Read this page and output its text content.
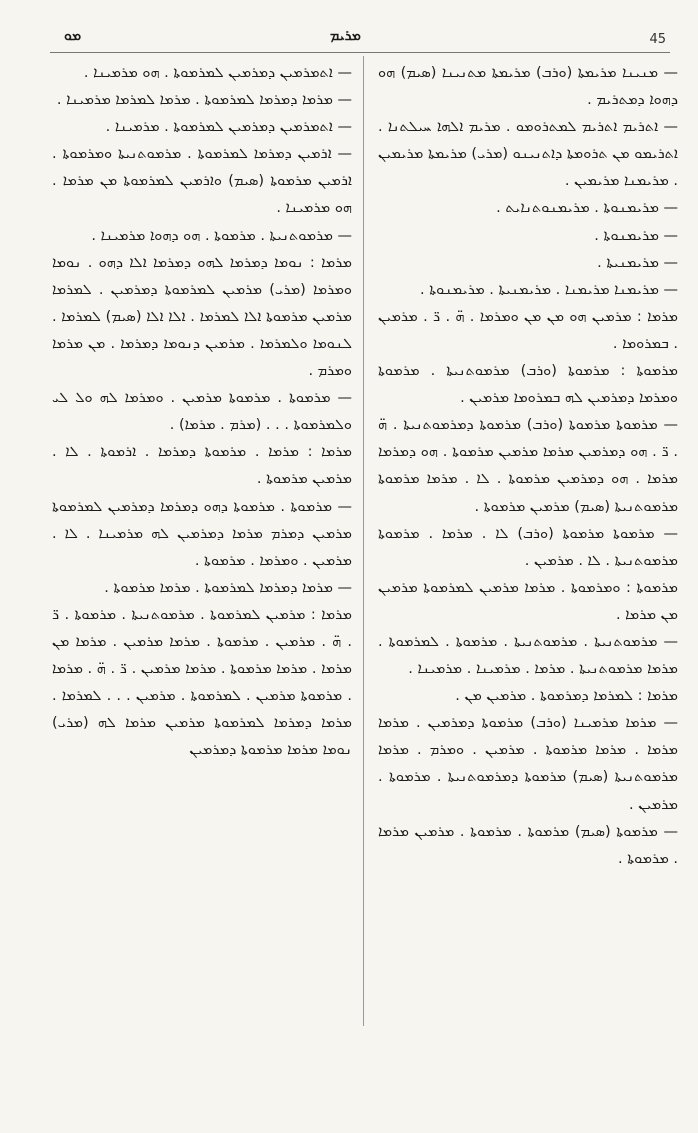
ܡܘ	ܡܪܝܡ	45

— ܡܢܝܢܐ ܡܪܝܡܬܐ (ܘܪܒ) ܡܪܝܡܬܐ ܡܬܢܝܢܐ (ܣܝܡ) ܗܘ ܕܗܘܐ ܕܡܬܪܝܡ .

— ܐܬܪܝܡ ܐܬܪܝܡ ܠܡܬܪܘܡܘ . ܡܪܝܡ ܐܠܗܐ ܚܝܠܬܢܐ . ܐܬܪܝܡܘ ܡܢ ܬܪܘܡܬܐ ܕܐܬܢܝܢܘ (ܡܪܝ) ܡܪܝܡܬܐ ܡܪܝܡܝܢ . ܡܪܝܡܢܐ ܡܪܝܡܝܢ .

— ܡܪܝܡܢܘܬܐ . ܡܪܝܡܢܘܬܢܐܝܬ .

— ܡܪܝܡܢܘܬܐ .

— ܡܪܝܡܢܝܬܐ .

— ܡܪܝܡܢܐ ܡܪܝܡܢܐ . ܡܪܝܡܢܝܬܐ . ܡܪܝܡܢܘܬܐ .

ܡܪܡܐ : ܡܪܡܝܢ ܗܘ ܡܢ ܡܢ ܘܡܪܡܐ . ܗ̈ . ܪ̈ . ܡܪܡܝܢ . ܒܡܪܘܡܐ .

ܡܪܡܘܬܐ : ܡܪܡܘܬܐ (ܘܪܒ) ܡܪܡܘܬܢܝܬܐ . ܡܪܡܘܬܐ ܘܡܪܡܐ ܕܡܪܡܝܢ ܠܗ ܒܡܪܘܡܐ ܡܪܡܝܢ .

— ܡܪܡܘܬܐ ܡܪܡܘܬܐ (ܘܪܒ) ܡܪܡܘܬܐ ܕܡܪܡܘܬܢܝܬܐ . ܗ̈ . ܪ̈ . ܗܘ ܕܡܪܡܝܢ ܡܪܡܐ ܡܪܡܝܢ ܡܪܡܘܬܐ . ܗܘ ܕܡܪܡܐ ܡܪܡܐ . ܗܘ ܕܡܪܡܝܢ ܡܪܡܘܬܐ . ܠܐ . ܡܪܡܐ ܡܪܡܘܬܐ ܡܪܡܘܬܢܝܬܐ (ܣܝܡ) ܡܪܡܝܢ ܡܪܡܘܬܐ .

— ܡܪܡܘܬܐ ܡܪܡܘܬܐ (ܘܪܒ) ܠܐ . ܡܪܡܐ . ܡܪܡܘܬܐ ܡܪܡܘܬܢܝܬܐ . ܠܐ . ܡܪܡܝܢ .

ܡܪܡܘܬܐ : ܘܡܪܡܘܬܐ . ܡܪܡܐ ܡܪܡܝܢ ܠܡܪܡܘܬܐ ܡܪܡܝܢ ܡܢ ܡܪܡܐ .

— ܡܪܡܘܬܢܝܬܐ . ܡܪܡܘܬܢܝܬܐ . ܡܪܡܘܬܐ . ܠܡܪܡܘܬܐ . ܡܪܡܐ ܡܪܡܘܬܢܝܬܐ . ܡܪܡܐ . ܡܪܡܝܢܐ . ܡܪܡܝܢܐ .

ܡܪܡܐ : ܠܡܪܡܐ ܕܡܪܡܘܬܐ . ܡܪܡܝܢ ܡܢ .

— ܡܪܡܐ ܡܪܡܝܢܐ (ܘܪܒ) ܡܪܡܘܬܐ ܕܡܪܡܝܢ . ܡܪܡܐ ܡܪܡܐ . ܡܪܡܐ ܡܪܡܘܬܐ . ܡܪܡܝܢ . ܘܡܪܡ . ܡܪܡܐ ܡܪܡܘܬܢܝܬܐ (ܣܝܡ) ܡܪܡܘܬܐ ܕܡܪܡܘܬܢܝܬܐ . ܡܪܡܘܬܐ . ܡܪܡܝܢ .

— ܡܪܡܘܬܐ (ܣܝܡ) ܡܪܡܘܬܐ . ܡܪܡܘܬܐ . ܡܪܡܝܢ ܡܪܡܐ . ܡܪܡܘܬܐ .

— ܐܬܡܪܡܝܢ ܕܡܪܡܝܢ ܠܡܪܡܘܬܐ . ܗܘ ܡܪܡܝܢܐ .

— ܡܪܡܐ ܕܡܪܡܐ ܠܡܪܡܘܬܐ . ܡܪܡܐ ܠܡܪܡܐ ܡܪܡܝܢܐ .

— ܐܬܡܪܡܝܢ ܕܡܪܡܝܢ ܠܡܪܡܘܬܐ . ܡܪܡܝܢܐ .

— ܐܪܡܝܢ ܕܡܪܡܐ ܠܡܪܡܘܬܐ . ܡܪܡܘܬܢܝܬܐ ܘܡܪܡܘܬܐ . ܐܪܡܝܢ ܡܪܡܘܬܐ (ܣܝܡ) ܘܐܪܡܝܢ ܠܡܪܡܘܬܐ ܡܢ ܡܪܡܐ . ܗܘ ܡܪܡܝܢܐ .

— ܡܪܡܘܬܢܝܬܐ . ܡܪܡܘܬܐ . ܗܘ ܕܗܘܐ ܡܪܡܝܢܐ .

ܡܪܡܐ : ܢܘܡܐ ܕܡܪܡܐ ܠܗܘ ܕܡܪܡܐ ܐܠܐ ܕܗܘ . ܢܘܡܐ ܘܡܪܡܐ (ܡܪܝ) ܡܪܡܝܢ ܠܡܪܡܘܬܐ ܕܡܪܡܝܢ . ܠܡܪܡܐ ܡܪܡܝܢ ܡܪܡܘܬܐ ܐܠܐ ܠܡܪܡܐ . ܐܠܐ ܐܠܐ (ܣܝܡ) ܠܡܪܡܐ . ܠܢܘܡܐ ܘܠܡܪܡܐ . ܡܪܡܝܢ ܕܢܘܡܐ ܕܡܪܡܐ . ܡܢ ܡܪܡܐ ܘܡܪܡ .

— ܡܪܡܘܬܐ . ܡܪܡܘܬܐ ܡܪܡܝܢ . ܘܡܪܡܐ ܠܗ ܘܠ ܠܝ ܘܠܡܪܡܘܬܐ . . . (ܡܪܡ . ܡܪܡܐ) .

ܡܪܡܐ : ܡܪܡܐ . ܡܪܡܘܬܐ ܕܡܪܡܐ . ܐܪܡܘܬܐ . ܠܐ . ܡܪܡܝܢ ܡܪܡܘܬܐ .

— ܡܪܡܘܬܐ . ܡܪܡܘܬܐ ܕܗܘ ܕܡܪܡܐ ܕܡܪܡܝܢ ܠܡܪܡܘܬܐ ܡܪܡܝܢ ܕܡܪܡ ܡܪܡܐ ܕܡܪܡܝܢ ܠܗ ܡܪܡܝܢܐ . ܠܐ . ܡܪܡܝܢ . ܘܡܪܡܐ . ܡܪܡܘܬܐ .

— ܡܪܡܐ ܕܡܪܡܐ ܠܡܪܡܘܬܐ . ܡܪܡܐ ܡܪܡܘܬܐ .

ܡܪܡܐ : ܡܪܡܝܢ ܠܡܪܡܘܬܐ . ܡܪܡܘܬܢܝܬܐ . ܡܪܡܘܬܐ . ܪ̈ . ܗ̈ . ܡܪܡܝܢ . ܡܪܡܘܬܐ . ܡܪܡܐ ܡܪܡܝܢ . ܡܪܡܐ ܡܢ ܡܪܡܐ . ܡܪܡܐ ܡܪܡܘܬܐ . ܡܪܡܐ ܡܪܡܝܢ . ܪ̈ . ܗ̈ . ܡܪܡܐ . ܡܪܡܘܬܐ ܡܪܡܝܢ . ܠܡܪܡܘܬܐ . ܡܪܡܝܢ . . . ܠܡܪܡܐ . ܡܪܡܐ ܕܡܪܡܐ ܠܡܪܡܘܬܐ ܡܪܡܝܢ ܡܪܡܐ ܠܗ (ܡܪܝ) ܢܘܡܐ ܡܪܡܐ ܡܪܡܘܬܐ ܕܡܪܡܝܢ
